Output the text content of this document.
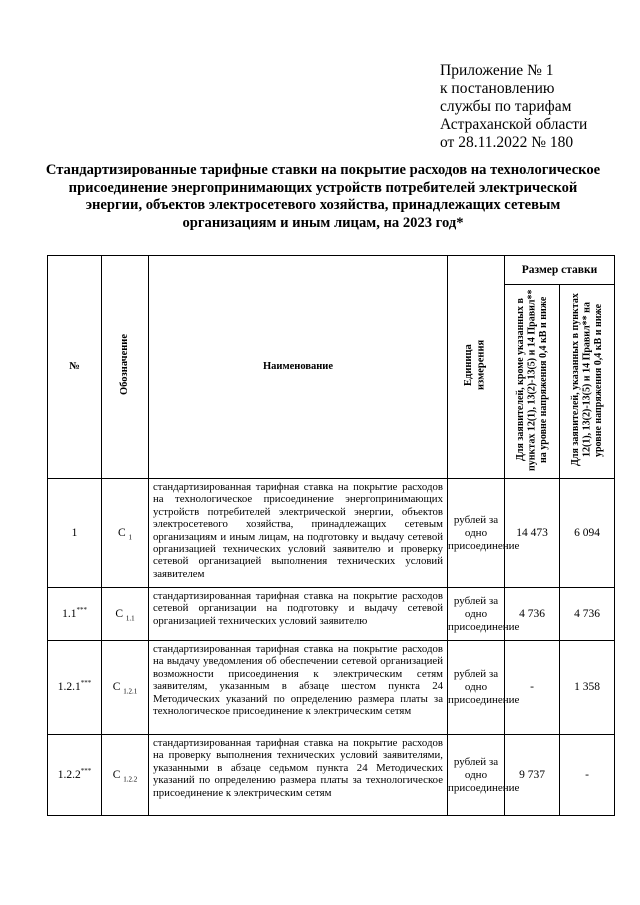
Приложение № 1
к постановлению
службы по тарифам
Астраханской области
от 28.11.2022 № 180
Стандартизированные тарифные ставки на покрытие расходов на технологическое присоединение энергопринимающих устройств потребителей электрической энергии, объектов электросетевого хозяйства, принадлежащих сетевым организациям и иным лицам, на 2023 год*
№	Обозначение	Наименование	Единица измерения	Размер ставки	
				Для заявителей, кроме указанных в пунктах 12(1), 13(2)-13(5) и 14 Правил** на уровне напряжения 0,4 кВ и ниже	Для заявителей, указанных в пунктах 12(1), 13(2)-13(5) и 14 Правил** на уровне напряжения 0,4 кВ и ниже
1	C $_1$	стандартизированная тарифная ставка на покрытие расходов на технологическое присоединение энергопринимающих устройств потребителей электрической энергии, объектов электросетевого хозяйства, принадлежащих сетевым организациям и иным лицам, на подготовку и выдачу сетевой организацией технических условий заявителю и проверку сетевой организацией выполнения технических условий заявителем	рублей за одно присоединение	14 473	6 094
1.1***	C $_{1.1}$	стандартизированная тарифная ставка на покрытие расходов сетевой организации на подготовку и выдачу сетевой организацией технических условий заявителю	рублей за одно присоединение	4 736	4 736
1.2.1***	C $_{1.2.1}$	стандартизированная тарифная ставка на покрытие расходов на выдачу уведомления об обеспечении сетевой организацией возможности присоединения к электрическим сетям заявителям, указанным в абзаце шестом пункта 24 Методических указаний по определению размера платы за технологическое присоединение к электрическим сетям	рублей за одно присоединение	-	1 358
1.2.2***	C $_{1.2.2}$	стандартизированная тарифная ставка на покрытие расходов на проверку выполнения технических условий заявителями, указанными в абзаце седьмом пункта 24 Методических указаний по определению размера платы за технологическое присоединение к электрическим сетям	рублей за одно присоединение	9 737	-
